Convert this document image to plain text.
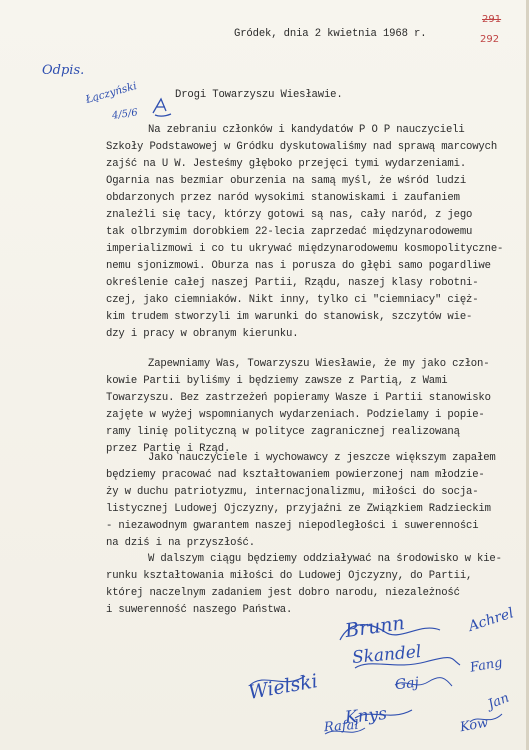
291
292
Gródek, dnia 2 kwietnia 1968 r.
Odpis.
Łączyński
4/5/6
Drogi Towarzyszu Wiesławie.

Na zebraniu członków i kandydatów P O P nauczycieli

Szkoły Podstawowej w Gródku dyskutowaliśmy nad sprawą marcowych

zajść na U W. Jesteśmy głęboko przejęci tymi wydarzeniami.

Ogarnia nas bezmiar oburzenia na samą myśl, że wśród ludzi

obdarzonych przez naród wysokimi stanowiskami i zaufaniem

znaleźli się tacy, którzy gotowi są nas, cały naród, z jego

tak olbrzymim dorobkiem 22-lecia zaprzedać międzynarodowemu

imperializmowi i co tu ukrywać międzynarodowemu kosmopolityczne-

nemu sjonizmowi. Oburza nas i porusza do głębi samo pogardliwe

określenie całej naszej Partii, Rządu, naszej klasy robotni-

czej, jako ciemniaków. Nikt inny, tylko ci "ciemniacy" cięż-

kim trudem stworzyli im warunki do stanowisk, szczytów wie-

dzy i pracy w obranym kierunku.

Zapewniamy Was, Towarzyszu Wiesławie, że my jako człon-

kowie Partii byliśmy i będziemy zawsze z Partią, z Wami

Towarzyszu. Bez zastrzeżeń popieramy Wasze i Partii stanowisko

zajęte w wyżej wspomnianych wydarzeniach. Podzielamy i popie-

ramy linię polityczną w polityce zagranicznej realizowaną

przez Partię i Rząd.

Jako nauczyciele i wychowawcy z jeszcze większym zapałem

będziemy pracować nad kształtowaniem powierzonej nam młodzie-

ży w duchu patriotyzmu, internacjonalizmu, miłości do socja-

listycznej Ludowej Ojczyzny, przyjaźni ze Związkiem Radzieckim

- niezawodnym gwarantem naszej niepodległości i suwerenności

na dziś i na przyszłość.

W dalszym ciągu będziemy oddziaływać na środowisko w kie-

runku kształtowania miłości do Ludowej Ojczyzny, do Partii,

której naczelnym zadaniem jest dobro narodu, niezależność

i suwerenność naszego Państwa.

Brunn	Achrel
Skandel	Fang
Wielski	Gaj
Knys
Jan
Rafał	Kow
